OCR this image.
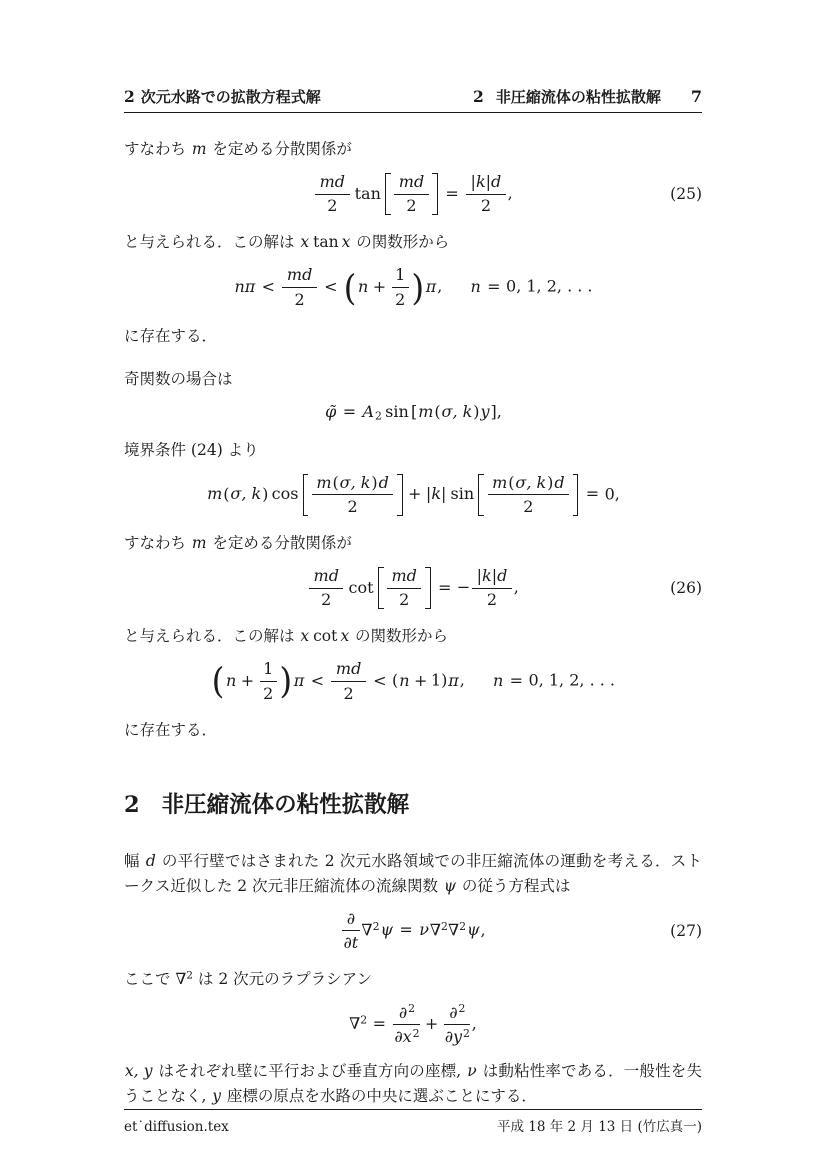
2 次元水路での拡散方程式解	2 非圧縮流体の粘性拡散解 7

すなわち m を定める分散関係が

$\frac{md}{2}$ $\tan \frac{md}{2} = \frac{|k|d}{2}$ ,	(25)

と与えられる．この解は x tan x の関数形から

$n\pi < \frac{md}{2} < (n + \frac{1}{2} )\pi$, n = 0, 1, 2, . . .

に存在する．

奇関数の場合は

φ̃ = A2 sin [m(σ, k)y],

境界条件 (24) より

m(σ, k) $\cos \frac{m(\sigma, k)d}{2} + |k|$ $\sin \frac{m(\sigma, k)d}{2} = 0$,

すなわち m を定める分散関係が

$\frac{md}{2}$ $\cot \frac{md}{2}$ = − $\frac{|k|d}{2}$ ,	(26)

と与えられる．この解は x cot x の関数形から

$(n + \frac{1}{2} )\pi < \frac{md}{2} < (n + 1)\pi$, n = 0, 1, 2, . . .

に存在する．

2 非圧縮流体の粘性拡散解

幅 d の平行壁ではさまれた 2 次元水路領域での非圧縮流体の運動を考える．ストークス近似した 2 次元非圧縮流体の流線関数 ψ の従う方程式は

$\frac{\partial}{\partial t} \nabla^2\psi = \nu\nabla^2\nabla^2\psi$,	(27)

ここで ∇$^2$ は 2 次元のラプラシアン

$\nabla^2 = \frac{\partial^2}{\partial x^2} + \frac{\partial^2}{\partial y^2}$ ,

x, y はそれぞれ壁に平行および垂直方向の座標, ν は動粘性率である．一般性を失うことなく, y 座標の原点を水路の中央に選ぶことにする．

et˙diffusion.tex	平成 18 年 2 月 13 日 (竹広真一)
